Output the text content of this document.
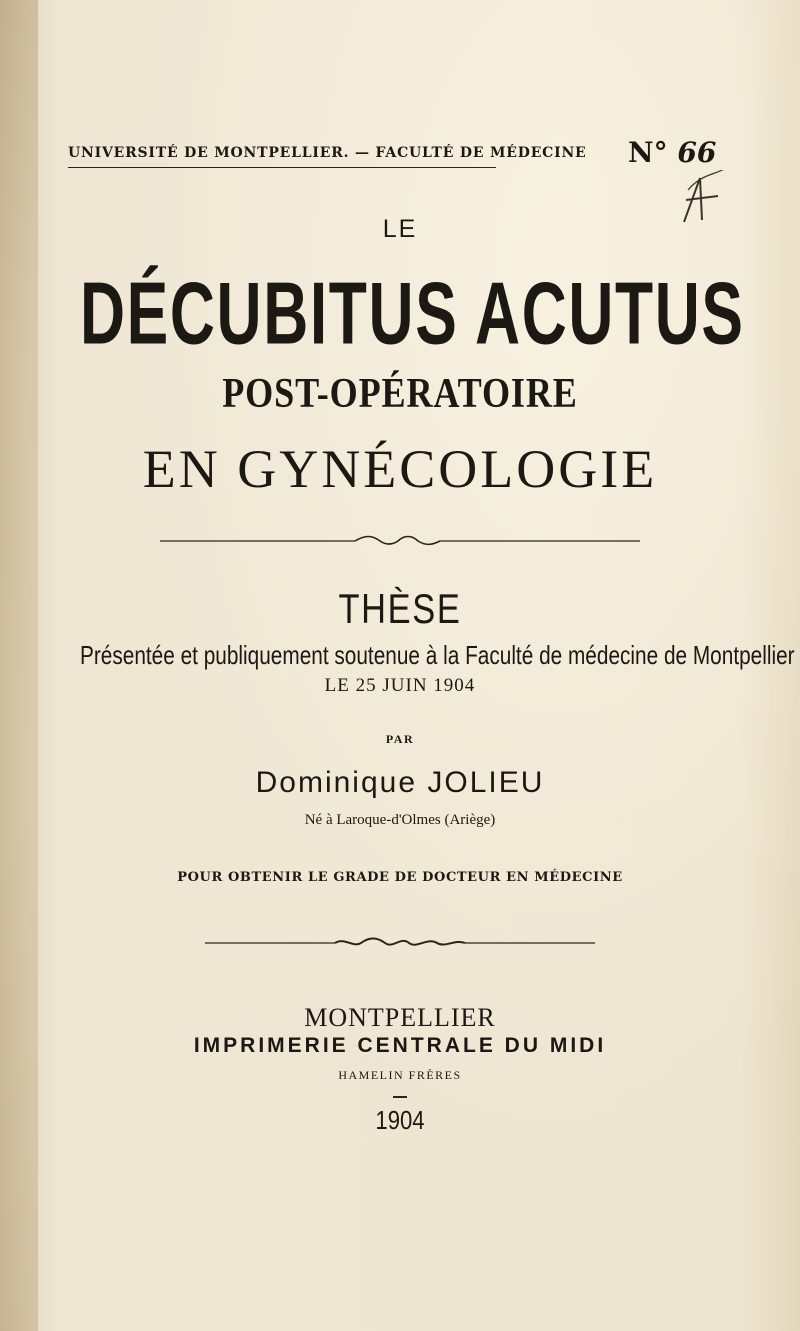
UNIVERSITÉ DE MONTPELLIER. — FACULTÉ DE MÉDECINE N° 66
LE
DÉCUBITUS ACUTUS
POST-OPÉRATOIRE
EN GYNÉCOLOGIE
THÈSE
Présentée et publiquement soutenue à la Faculté de médecine de Montpellier
LE 25 JUIN 1904
PAR
Dominique JOLIEU
Né à Laroque-d'Olmes (Ariège)
POUR OBTENIR LE GRADE DE DOCTEUR EN MÉDECINE
MONTPELLIER
IMPRIMERIE CENTRALE DU MIDI
HAMELIN FRÈRES
1904
